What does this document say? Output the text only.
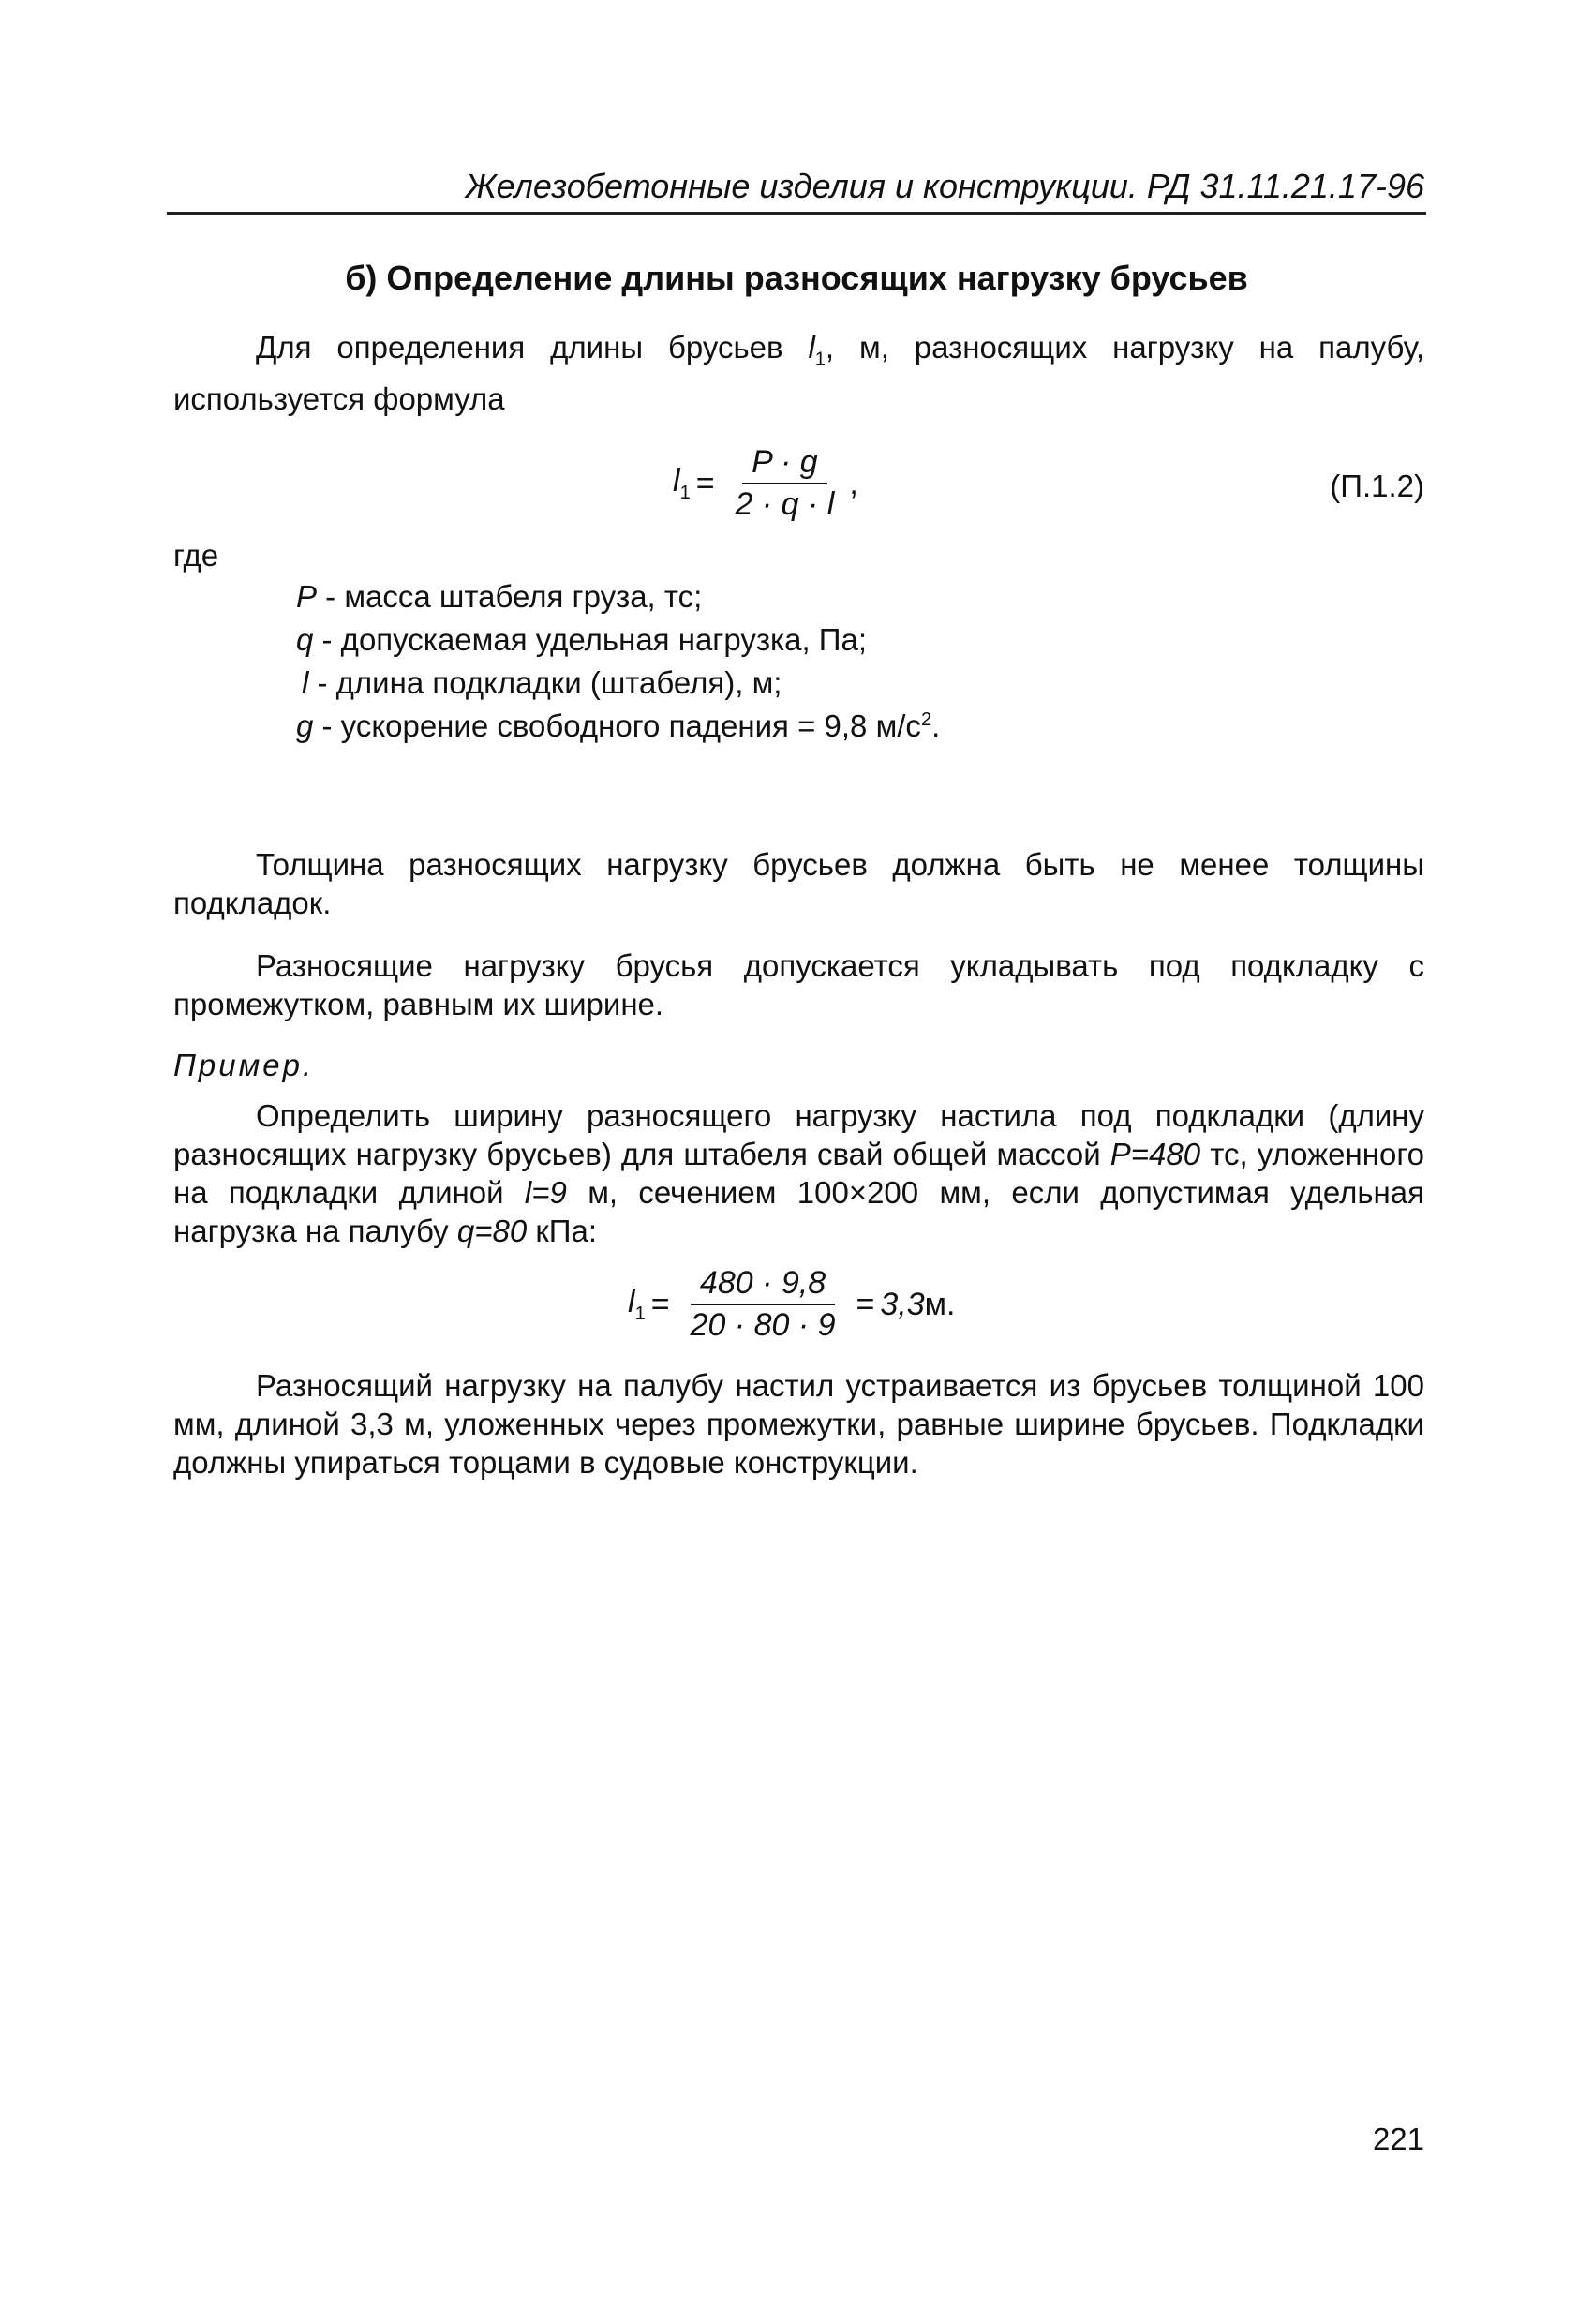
Железобетонные изделия и конструкции. РД 31.11.21.17-96
б) Определение длины разносящих нагрузку брусьев
Для определения длины брусьев $l_1$, м, разносящих нагрузку на палубу, используется формула
$l_1 = \frac{P \cdot g}{2 \cdot q \cdot l}$ ,	(П.1.2)
где
P - масса штабеля груза, тс;
q - допускаемая удельная нагрузка, Па;
l - длина подкладки (штабеля), м;
g - ускорение свободного падения = 9,8 $м/с^2$.
Толщина разносящих нагрузку брусьев должна быть не менее толщины подкладок.
Разносящие нагрузку брусья допускается укладывать под подкладку с промежутком, равным их ширине.
Пример.
Определить ширину разносящего нагрузку настила под подкладки (длину разносящих нагрузку брусьев) для штабеля свай общей массой P=480 тс, уложенного на подкладки длиной l=9 м, сечением 100×200 мм, если допустимая удельная нагрузка на палубу q=80 кПа:
$l_1 = \frac{480 \cdot 9,8}{20 \cdot 80 \cdot 9} = 3,3$ м.
Разносящий нагрузку на палубу настил устраивается из брусьев толщиной 100 мм, длиной 3,3 м, уложенных через промежутки, равные ширине брусьев. Подкладки должны упираться торцами в судовые конструкции.
221
